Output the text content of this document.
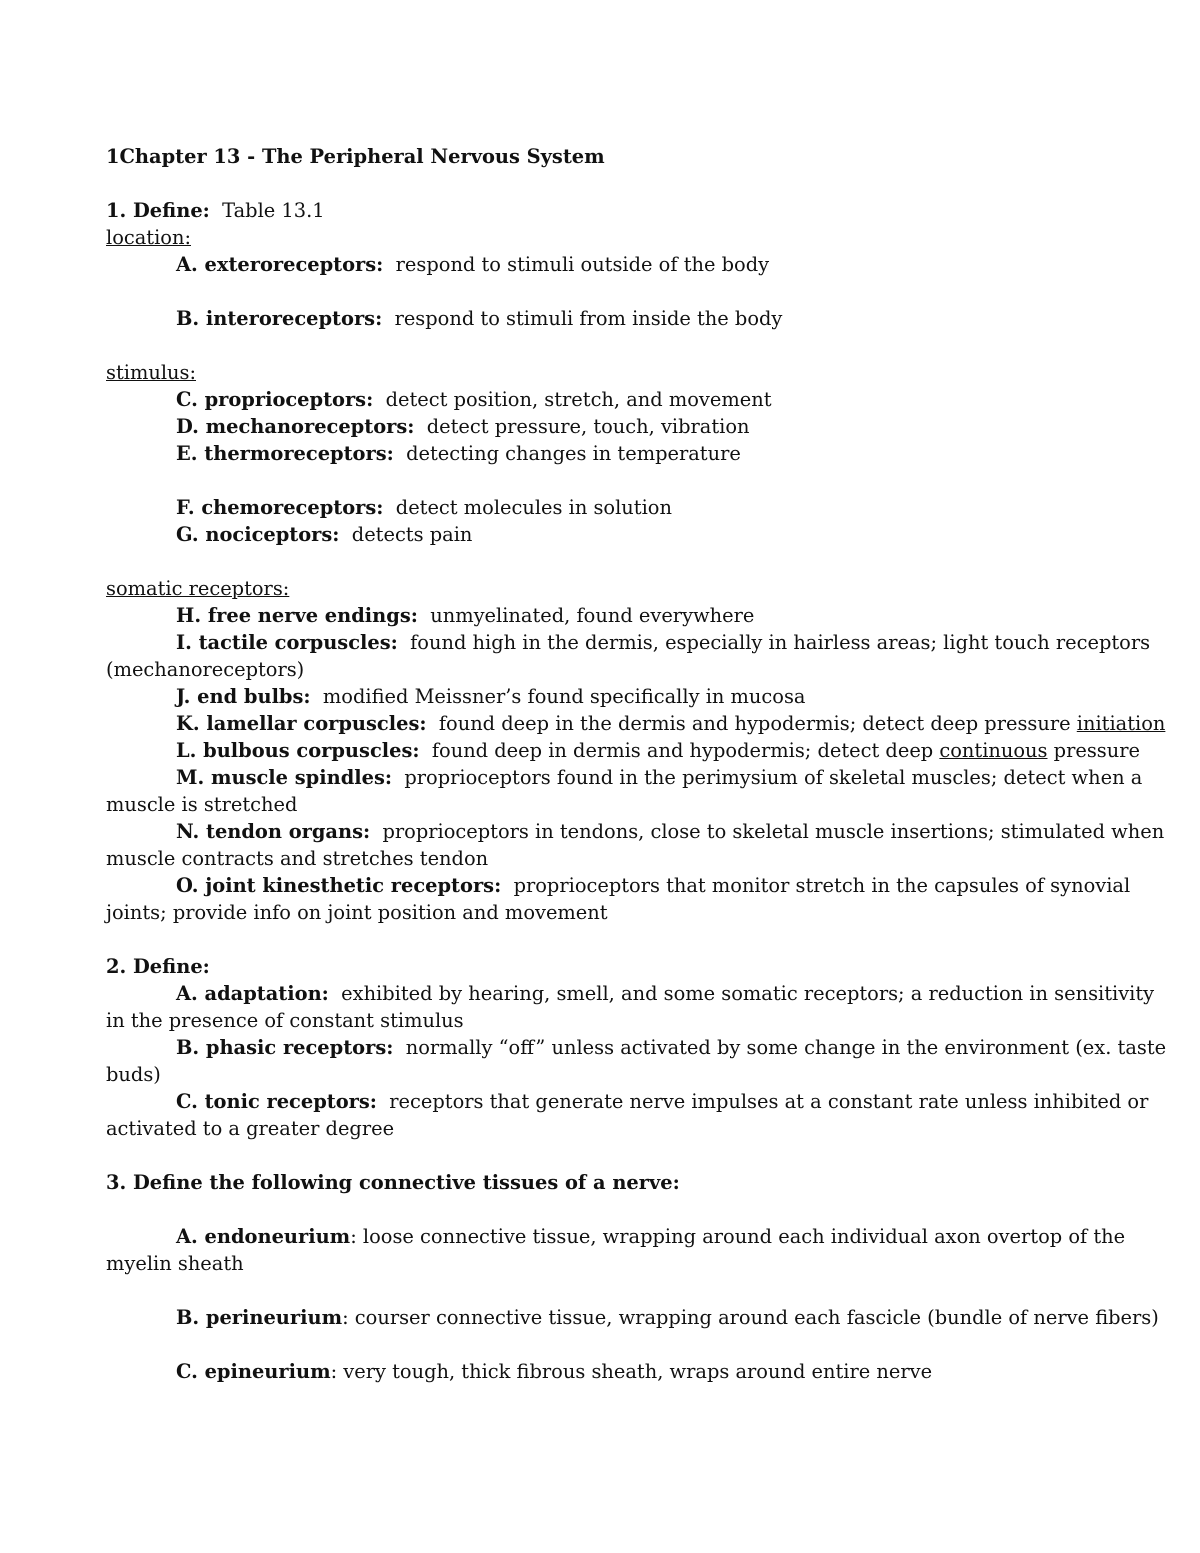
1Chapter 13 - The Peripheral Nervous System
1. Define: Table 13.1
location:
A. exteroreceptors: respond to stimuli outside of the body
B. interoreceptors: respond to stimuli from inside the body
stimulus:
C. proprioceptors: detect position, stretch, and movement
D. mechanoreceptors: detect pressure, touch, vibration
E. thermoreceptors: detecting changes in temperature
F. chemoreceptors: detect molecules in solution
G. nociceptors: detects pain
somatic receptors:
H. free nerve endings: unmyelinated, found everywhere
I. tactile corpuscles: found high in the dermis, especially in hairless areas; light touch receptors
(mechanoreceptors)
J. end bulbs: modified Meissner’s found specifically in mucosa
K. lamellar corpuscles: found deep in the dermis and hypodermis; detect deep pressure initiation
L. bulbous corpuscles: found deep in dermis and hypodermis; detect deep continuous pressure
M. muscle spindles: proprioceptors found in the perimysium of skeletal muscles; detect when a
muscle is stretched
N. tendon organs: proprioceptors in tendons, close to skeletal muscle insertions; stimulated when
muscle contracts and stretches tendon
O. joint kinesthetic receptors: proprioceptors that monitor stretch in the capsules of synovial
joints; provide info on joint position and movement
2. Define:
A. adaptation: exhibited by hearing, smell, and some somatic receptors; a reduction in sensitivity
in the presence of constant stimulus
B. phasic receptors: normally “off” unless activated by some change in the environment (ex. taste
buds)
C. tonic receptors: receptors that generate nerve impulses at a constant rate unless inhibited or
activated to a greater degree
3. Define the following connective tissues of a nerve:
A. endoneurium: loose connective tissue, wrapping around each individual axon overtop of the
myelin sheath
B. perineurium: courser connective tissue, wrapping around each fascicle (bundle of nerve fibers)
C. epineurium: very tough, thick fibrous sheath, wraps around entire nerve
